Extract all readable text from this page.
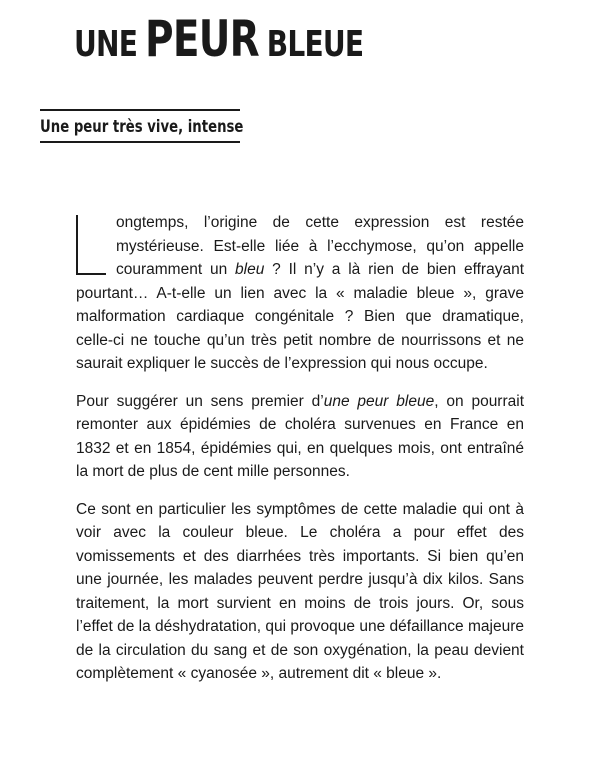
UNE PEUR BLEUE
Une peur très vive, intense

ongtemps, l’origine de cette expression est restée mystérieuse. Est-elle liée à l’ecchymose, qu’on appelle couramment un bleu ? Il n’y a là rien de bien effrayant pourtant… A-t-elle un lien avec la « maladie bleue », grave malformation cardiaque congénitale ? Bien que dramatique, celle-ci ne touche qu’un très petit nombre de nourrissons et ne saurait expliquer le succès de l’expression qui nous occupe.

Pour suggérer un sens premier d’une peur bleue, on pourrait remonter aux épidémies de choléra survenues en France en 1832 et en 1854, épidémies qui, en quelques mois, ont entraîné la mort de plus de cent mille personnes.

Ce sont en particulier les symptômes de cette maladie qui ont à voir avec la couleur bleue. Le choléra a pour effet des vomissements et des diarrhées très importants. Si bien qu’en une journée, les malades peuvent perdre jusqu’à dix kilos. Sans traitement, la mort survient en moins de trois jours. Or, sous l’effet de la déshydratation, qui provoque une défaillance majeure de la circulation du sang et de son oxygénation, la peau devient complètement « cyanosée », autrement dit « bleue ».
